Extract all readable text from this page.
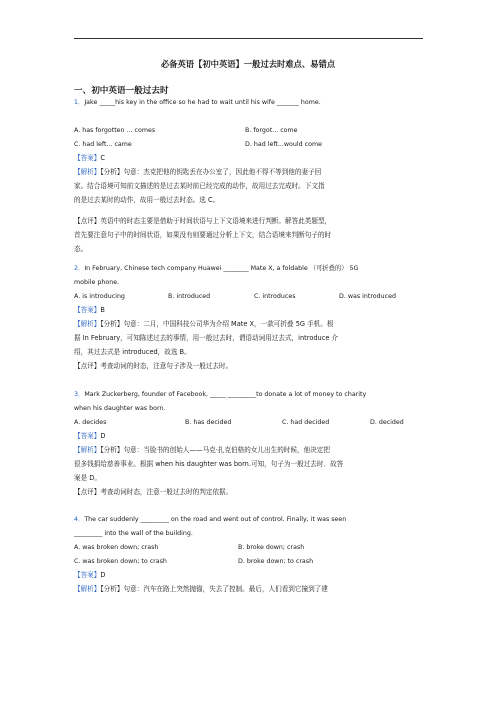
必备英语【初中英语】一般过去时难点、易错点
一、初中英语一般过去时
1．Jake _____his key in the office so he had to wait until his wife _______ home.
A. has forgotten ... comes	B. forgot... come
C. had left... came	D. had left...would come
【答案】C
【解析】【分析】句意：杰克把他的钥匙丢在办公室了，因此他不得不等到他的妻子回
家。结合语境可知前文描述的是过去某时前已经完成的动作，故用过去完成时。下文指
的是过去某时的动作，故用一般过去时态。选 C。
【点评】英语中的时态主要是借助于时间状语与上下文语境来进行判断。解答此类题型，
首先要注意句子中的时间状语，如果没有则要通过分析上下文，结合语境来判断句子的时
态。
2．In February, Chinese tech company Huawei ________ Mate X, a foldable （可折叠的） 5G
mobile phone.
A. is introducing	B. introduced	C. introduces	D. was introduced
【答案】B
【解析】【分析】句意：二月，中国科技公司华为介绍 Mate X，一款可折叠 5G 手机。根
据 In February，可知陈述过去的事情，用一般过去时，谓语动词用过去式，introduce 介
绍，其过去式是 introduced，故选 B。
【点评】考查动词的时态，注意句子涉及一般过去时。
3．Mark Zuckerberg, founder of Facebook, _____ _________to donate a lot of money to charity
when his daughter was born.
A. decides	B. has decided	C. had decided	D. decided
【答案】D
【解析】【分析】句意：当脸书的创始人——马克·扎克伯格的女儿出生的时候，他决定把
很多钱捐给慈善事业。根据 when his daughter was born.可知，句子为一般过去时．故答
案是 D。
【点评】考查动词时态，注意一般过去时的判定依据。
4．The car suddenly _________ on the road and went out of control. Finally, it was seen
_________ into the wall of the building.
A. was broken down; crash	B. broke down; crash
C. was broken down; to crash	D. broke down; to crash
【答案】D
【解析】【分析】句意：汽车在路上突然抛锚，失去了控制。最后，人们看到它撞到了建
